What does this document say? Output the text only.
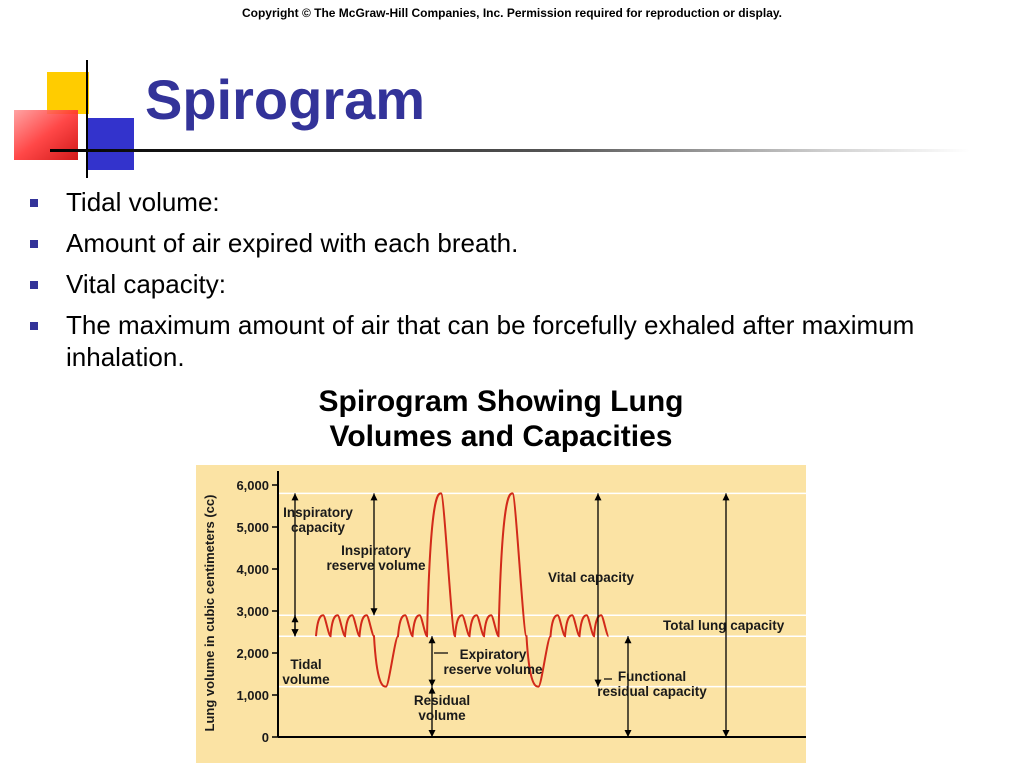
Copyright © The McGraw-Hill Companies, Inc. Permission required for reproduction or display.
Spirogram
Tidal volume:
Amount of air expired with each breath.
Vital capacity:
The maximum amount of air that can be forcefully exhaled after maximum inhalation.
Spirogram Showing Lung
Volumes and Capacities
0
1,000
2,000
3,000
4,000
5,000
6,000
Lung volume in cubic centimeters (cc)	Inspiratory capacity
Inspiratory reserve volume
Tidal volume
Vital capacity
Total lung capacity
Expiratory reserve volume
Residual volume
Functional residual capacity
